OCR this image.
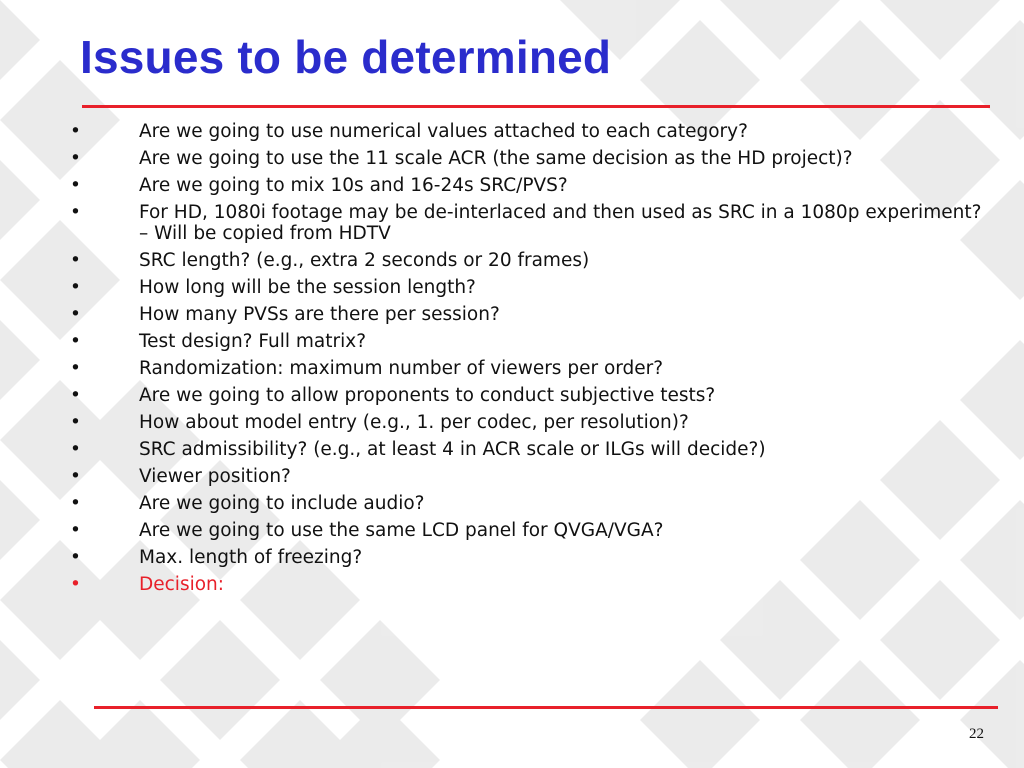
Issues to be determined
•	Are we going to use numerical values attached to each category?
•	Are we going to use the 11 scale ACR (the same decision as the HD project)?
•	Are we going to mix 10s and 16-24s SRC/PVS?
•	For HD, 1080i footage may be de-interlaced and then used as SRC in a 1080p experiment? – Will be copied from HDTV
•	SRC length? (e.g., extra 2 seconds or 20 frames)
•	How long will be the session length?
•	How many PVSs are there per session?
•	Test design? Full matrix?
•	Randomization: maximum number of viewers per order?
•	Are we going to allow proponents to conduct subjective tests?
•	How about model entry (e.g., 1. per codec, per resolution)?
•	SRC admissibility? (e.g., at least 4 in ACR scale or ILGs will decide?)
•	Viewer position?
•	Are we going to include audio?
•	Are we going to use the same LCD panel for QVGA/VGA?
•	Max. length of freezing?
•	Decision:
22
